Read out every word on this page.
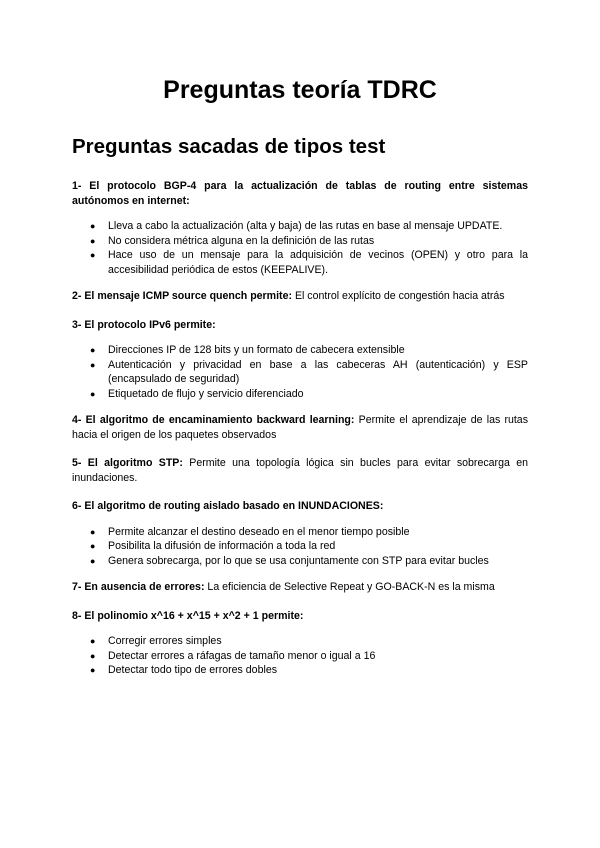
Preguntas teoría TDRC
Preguntas sacadas de tipos test

1- El protocolo BGP-4 para la actualización de tablas de routing entre sistemas autónomos en internet:

●	Lleva a cabo la actualización (alta y baja) de las rutas en base al mensaje UPDATE.
●	No considera métrica alguna en la definición de las rutas
●	Hace uso de un mensaje para la adquisición de vecinos (OPEN) y otro para la accesibilidad periódica de estos (KEEPALIVE).

2- El mensaje ICMP source quench permite: El control explícito de congestión hacia atrás

3- El protocolo IPv6 permite:

●	Direcciones IP de 128 bits y un formato de cabecera extensible
●	Autenticación y privacidad en base a las cabeceras AH (autenticación) y ESP (encapsulado de seguridad)
●	Etiquetado de flujo y servicio diferenciado

4- El algoritmo de encaminamiento backward learning: Permite el aprendizaje de las rutas hacia el origen de los paquetes observados

5- El algoritmo STP: Permite una topología lógica sin bucles para evitar sobrecarga en inundaciones.

6- El algoritmo de routing aislado basado en INUNDACIONES:

●	Permite alcanzar el destino deseado en el menor tiempo posible
●	Posibilita la difusión de información a toda la red
●	Genera sobrecarga, por lo que se usa conjuntamente con STP para evitar bucles

7- En ausencia de errores: La eficiencia de Selective Repeat y GO-BACK-N es la misma

8- El polinomio x^16 + x^15 + x^2 + 1 permite:

●	Corregir errores simples
●	Detectar errores a ráfagas de tamaño menor o igual a 16
●	Detectar todo tipo de errores dobles
